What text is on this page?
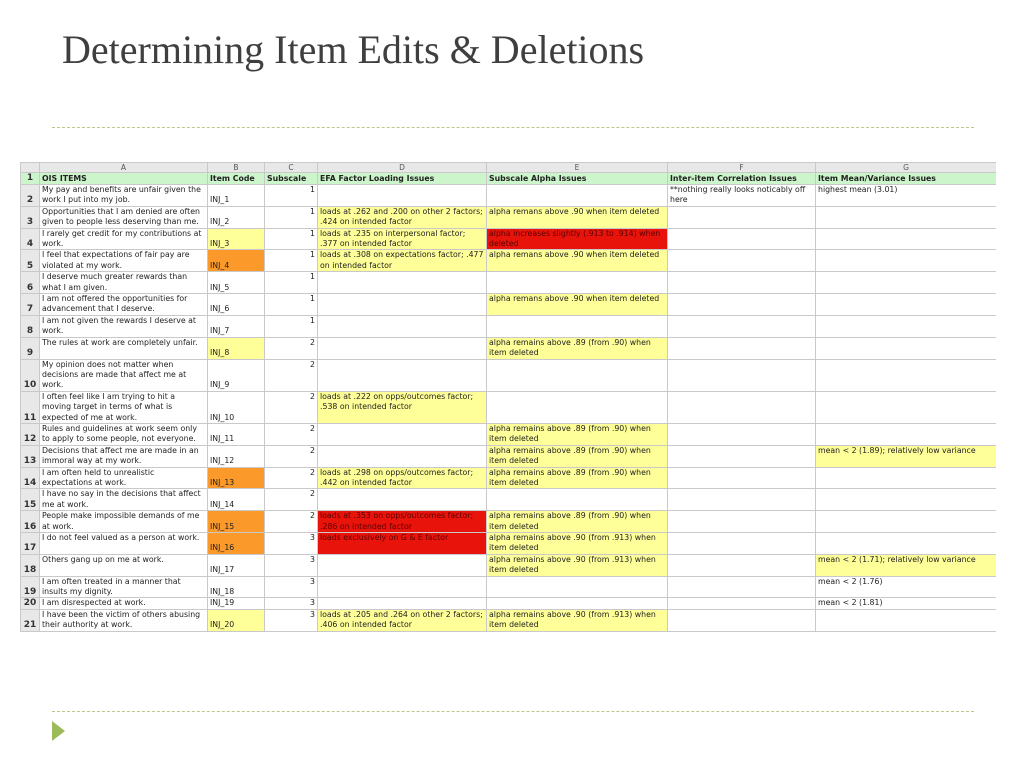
Determining Item Edits & Deletions
	A	B	C	D	E	F	G
1	OIS ITEMS	Item Code	Subscale	EFA Factor Loading Issues	Subscale Alpha Issues	Inter-item Correlation Issues	Item Mean/Variance Issues
2	My pay and benefits are unfair given the work I put into my job.	INJ_1	1			**nothing really looks noticably off here	highest mean (3.01)
3	Opportunities that I am denied are often given to people less deserving than me.	INJ_2	1	loads at .262 and .200 on other 2 factors; .424 on intended factor	alpha remans above .90 when item deleted		
4	I rarely get credit for my contributions at work.	INJ_3	1	loads at .235 on interpersonal factor; .377 on intended factor	alpha increases slightly (.913 to .914) when deleted		
5	I feel that expectations of fair pay are violated at my work.	INJ_4	1	loads at .308 on expectations factor; .477 on intended factor	alpha remans above .90 when item deleted		
6	I deserve much greater rewards than what I am given.	INJ_5	1				
7	I am not offered the opportunities for advancement that I deserve.	INJ_6	1		alpha remans above .90 when item deleted		
8	I am not given the rewards I deserve at work.	INJ_7	1				
9	The rules at work are completely unfair.	INJ_8	2		alpha remains above .89 (from .90) when item deleted		
10	My opinion does not matter when decisions are made that affect me at work.	INJ_9	2				
11	I often feel like I am trying to hit a moving target in terms of what is expected of me at work.	INJ_10	2	loads at .222 on opps/outcomes factor; .538 on intended factor			
12	Rules and guidelines at work seem only to apply to some people, not everyone.	INJ_11	2		alpha remains above .89 (from .90) when item deleted		
13	Decisions that affect me are made in an immoral way at my work.	INJ_12	2		alpha remains above .89 (from .90) when item deleted		mean < 2 (1.89); relatively low variance
14	I am often held to unrealistic expectations at work.	INJ_13	2	loads at .298 on opps/outcomes factor; .442 on intended factor	alpha remains above .89 (from .90) when item deleted		
15	I have no say in the decisions that affect me at work.	INJ_14	2				
16	People make impossible demands of me at work.	INJ_15	2	loads at .353 on opps/outcomes factor; .286 on intended factor	alpha remains above .89 (from .90) when item deleted		
17	I do not feel valued as a person at work.	INJ_16	3	loads exclusively on G & E factor	alpha remains above .90 (from .913) when item deleted		
18	Others gang up on me at work.	INJ_17	3		alpha remains above .90 (from .913) when item deleted		mean < 2 (1.71); relatively low variance
19	I am often treated in a manner that insults my dignity.	INJ_18	3				mean < 2 (1.76)
20	I am disrespected at work.	INJ_19	3				mean < 2 (1.81)
21	I have been the victim of others abusing their authority at work.	INJ_20	3	loads at .205 and .264 on other 2 factors; .406 on intended factor	alpha remains above .90 (from .913) when item deleted		
